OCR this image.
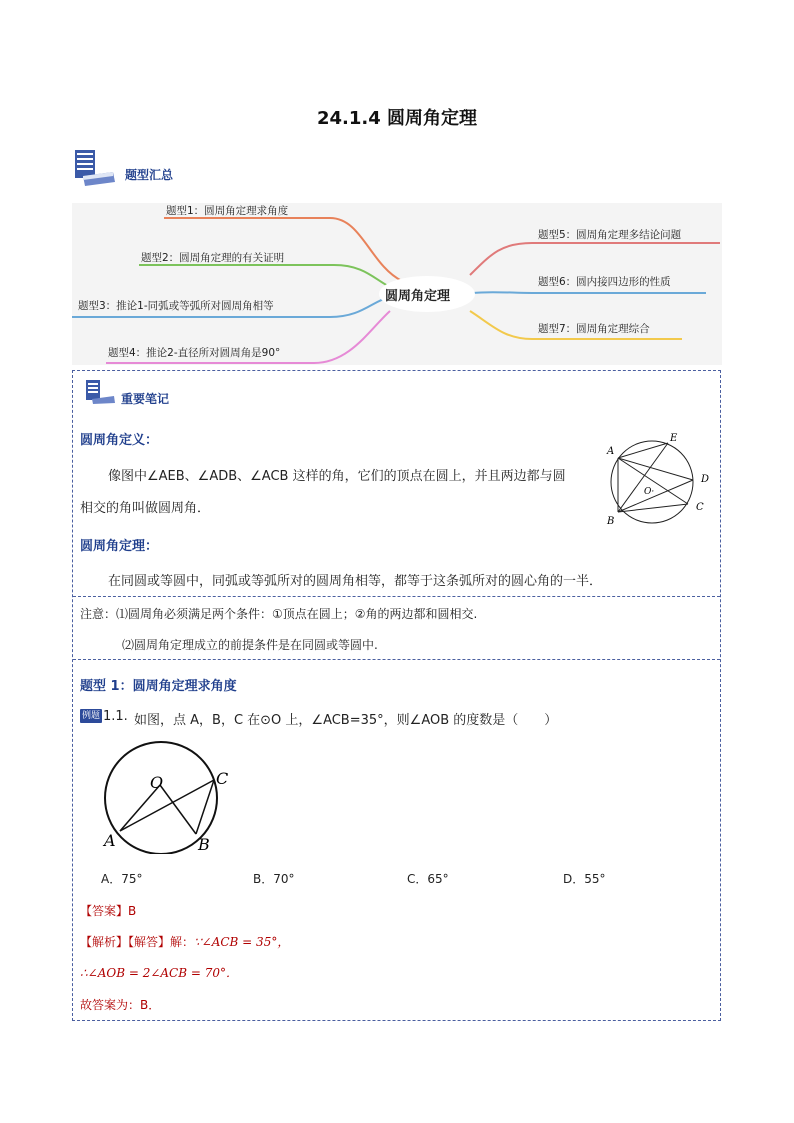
24.1.4 圆周角定理
题型汇总
圆周角定理
题型1：圆周角定理求角度
题型2：圆周角定理的有关证明
题型3：推论1-同弧或等弧所对圆周角相等
题型4：推论2-直径所对圆周角是90°
题型5：圆周角定理多结论问题
题型6：圆内接四边形的性质
题型7：圆周角定理综合
重要笔记
圆周角定义：
像图中∠AEB、∠ADB、∠ACB 这样的角，它们的顶点在圆上，并且两边都与圆
相交的角叫做圆周角．
A
E
D
C
B
O·
圆周角定理：
在同圆或等圆中，同弧或等弧所对的圆周角相等，都等于这条弧所对的圆心角的一半．
注意：⑴圆周角必须满足两个条件：①顶点在圆上；②角的两边都和圆相交.
⑵圆周角定理成立的前提条件是在同圆或等圆中.
题型 1：圆周角定理求角度
例题 1.1. 如图，点 A，B，C 在⊙O 上，∠ACB=35°，则∠AOB 的度数是（　　）
O	C
A	B
A．75°	B．70°	C．65°	D．55°
【答案】B
【解析】【解答】解：∵∠ACB = 35°，
∴∠AOB = 2∠ACB = 70°．
故答案为：B．
